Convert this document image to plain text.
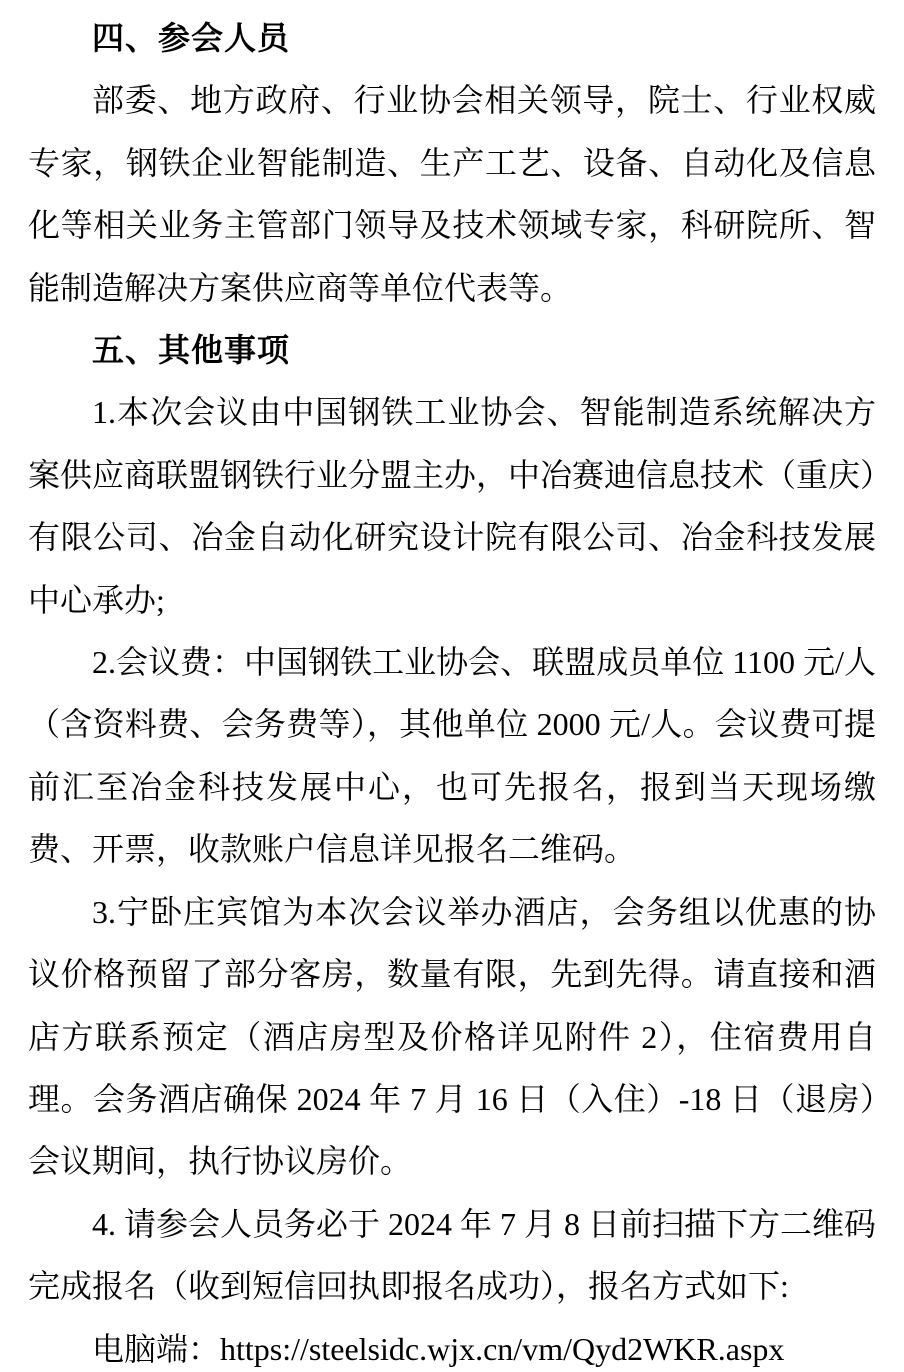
四、参会人员

部委、地方政府、行业协会相关领导，院士、行业权威专家，钢铁企业智能制造、生产工艺、设备、自动化及信息化等相关业务主管部门领导及技术领域专家，科研院所、智能制造解决方案供应商等单位代表等。

五、其他事项

1.本次会议由中国钢铁工业协会、智能制造系统解决方案供应商联盟钢铁行业分盟主办，中冶赛迪信息技术（重庆）有限公司、冶金自动化研究设计院有限公司、冶金科技发展中心承办;

2.会议费：中国钢铁工业协会、联盟成员单位 1100 元/人（含资料费、会务费等），其他单位 2000 元/人。会议费可提前汇至冶金科技发展中心，也可先报名，报到当天现场缴费、开票，收款账户信息详见报名二维码。

3.宁卧庄宾馆为本次会议举办酒店，会务组以优惠的协议价格预留了部分客房，数量有限，先到先得。请直接和酒店方联系预定（酒店房型及价格详见附件 2），住宿费用自理。会务酒店确保 2024 年 7 月 16 日（入住）-18 日（退房）会议期间，执行协议房价。

4. 请参会人员务必于 2024 年 7 月 8 日前扫描下方二维码完成报名（收到短信回执即报名成功），报名方式如下:

电脑端：https://steelsidc.wjx.cn/vm/Qyd2WKR.aspx
